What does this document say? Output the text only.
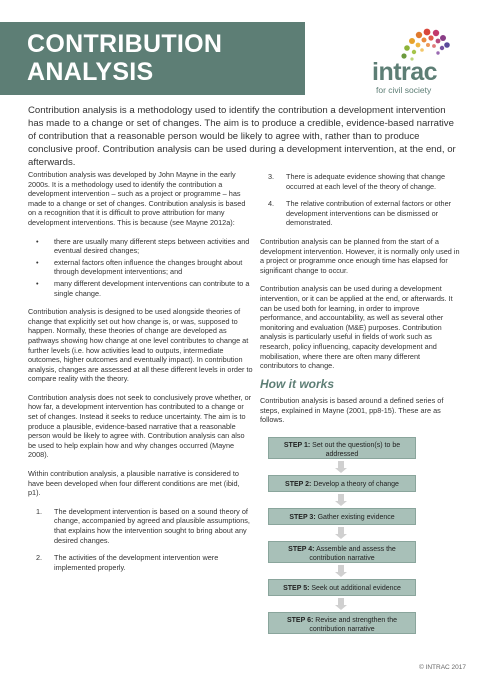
CONTRIBUTION
ANALYSIS	intrac
for civil society
Contribution analysis is a methodology used to identify the contribution a development intervention has made to a change or set of changes. The aim is to produce a credible, evidence-based narrative of contribution that a reasonable person would be likely to agree with, rather than to produce conclusive proof. Contribution analysis can be used during a development intervention, at the end, or afterwards.

Contribution analysis was developed by John Mayne in the early 2000s. It is a methodology used to identify the contribution a development intervention – such as a project or programme – has made to a change or set of changes. Contribution analysis is based on a recognition that it is difficult to prove attribution for many development interventions. This is because (see Mayne 2012a):

• there are usually many different steps between activities and eventual desired changes;
• external factors often influence the changes brought about through development interventions; and
• many different development interventions can contribute to a single change.

Contribution analysis is designed to be used alongside theories of change that explicitly set out how change is, or was, supposed to happen. Normally, these theories of change are developed as pathways showing how change at one level contributes to change at further levels (i.e. how activities lead to outputs, intermediate outcomes, higher outcomes and eventually impact). In contribution analysis, changes are assessed at all these different levels in order to compare reality with the theory.

Contribution analysis does not seek to conclusively prove whether, or how far, a development intervention has contributed to a change or set of changes. Instead it seeks to reduce uncertainty. The aim is to produce a plausible, evidence-based narrative that a reasonable person would be likely to agree with. Contribution analysis can also be used to help explain how and why changes occurred (Mayne 2008).

Within contribution analysis, a plausible narrative is considered to have been developed when four different conditions are met (ibid, p1).

1. The development intervention is based on a sound theory of change, accompanied by agreed and plausible assumptions, that explains how the intervention sought to bring about any desired changes.
2. The activities of the development intervention were implemented properly.
3. There is adequate evidence showing that change occurred at each level of the theory of change.
4. The relative contribution of external factors or other development interventions can be dismissed or demonstrated.

Contribution analysis can be planned from the start of a development intervention. However, it is normally only used in a project or programme once enough time has elapsed for significant change to occur.

Contribution analysis can be used during a development intervention, or it can be applied at the end, or afterwards. It can be used both for learning, in order to improve performance, and accountability, as well as several other monitoring and evaluation (M&E) purposes. Contribution analysis is particularly useful in fields of work such as research, policy influencing, capacity development and mobilisation, where there are often many different contributors to change.

How it works

Contribution analysis is based around a defined series of steps, explained in Mayne (2001, pp8-15). These are as follows.

STEP 1: Set out the question(s) to be addressed
STEP 2: Develop a theory of change
STEP 3: Gather existing evidence
STEP 4: Assemble and assess the contribution narrative
STEP 5: Seek out additional evidence
STEP 6: Revise and strengthen the contribution narrative
© INTRAC 2017
